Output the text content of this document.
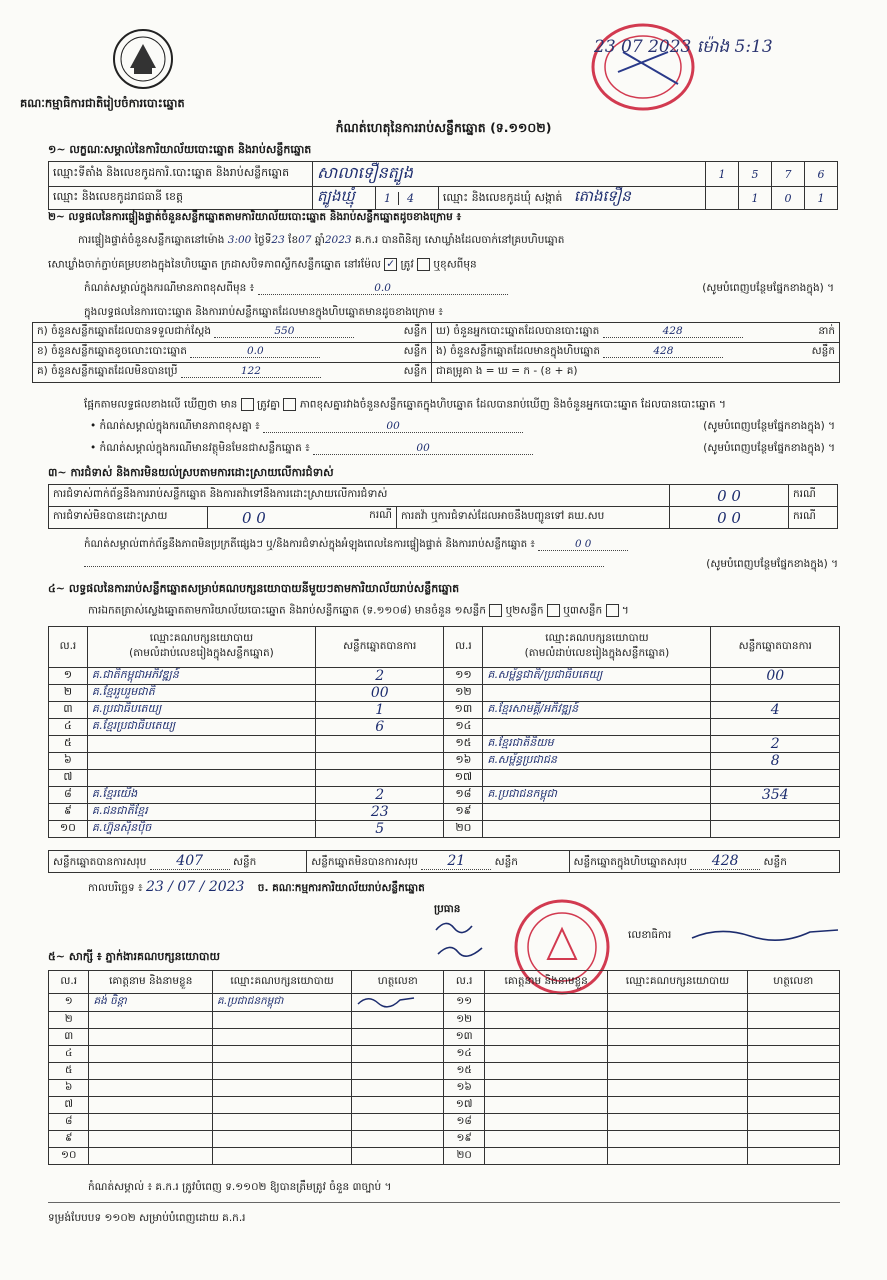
គណៈកម្មាធិការជាតិរៀបចំការបោះឆ្នោត
23 07 2023 ម៉ោង 5:13
កំណត់ហេតុនៃការរាប់សន្លឹកឆ្នោត (ទ.១១០២)
១~ លក្ខណៈសម្គាល់នៃការិយាល័យបោះឆ្នោត និងរាប់សន្លឹកឆ្នោត
ឈ្មោះទីតាំង និងលេខកូដការិ.បោះឆ្នោត និងរាប់សន្លឹកឆ្នោត	សាលាទឿនត្បូង			1	5	7	6
ឈ្មោះ និងលេខកូដរាជធានី ខេត្ត	ត្បូងឃ្មុំ	1 4	ឈ្មោះ និងលេខកូដឃុំ សង្កាត់ តោងទឿន		1	0	1
២~ លទ្ធផលនៃការផ្ទៀងផ្ទាត់ចំនួនសន្លឹកឆ្នោតតាមការិយាល័យបោះឆ្នោត និងរាប់សន្លឹកឆ្នោតដូចខាងក្រោម ៖
ការផ្ទៀងផ្ទាត់ចំនួនសន្លឹកឆ្នោតនៅម៉ោង 3:00 ថ្ងៃទី23 ខែ07 ឆ្នាំ2023 គ.ក.រ បានពិនិត្យ សោឃ្លាំងដែលចាក់នៅគ្របហិបឆ្នោត
សោឃ្លាំងចាក់ភ្ជាប់គម្របខាងក្នុងនៃហិបឆ្នោត ក្រដាសបិទភាពស្លឹកសន្លឹកឆ្នោត នៅរម៉ែល ✓ ត្រូវ ឬខុសពីមុន
កំណត់សម្គាល់ក្នុងករណីមានភាពខុសពីមុន ៖	0.0	(សូមបំពេញបន្ថែមផ្នែកខាងក្នុង) ។
ក្នុងលទ្ធផលនៃការបោះឆ្នោត និងការរាប់សន្លឹកឆ្នោតដែលមានក្នុងហិបឆ្នោតមានដូចខាងក្រោម ៖
ក) ចំនួនសន្លឹកឆ្នោតដែលបានទទួលជាក់ស្តែង 550 សន្លឹក	ឃ) ចំនួនអ្នកបោះឆ្នោតដែលបានបោះឆ្នោត 428 នាក់

ខ) ចំនួនសន្លឹកឆ្នោតខូចលោះបោះឆ្នោត 0.0 សន្លឹក	ង) ចំនួនសន្លឹកឆ្នោតដែលមានក្នុងហិបឆ្នោត 428 សន្លឹក

គ) ចំនួនសន្លឹកឆ្នោតដែលមិនបានប្រើ 122 សន្លឹក	ជាគម្រូគា ង = ឃ = ក - (ខ + គ)
ផ្អែកតាមលទ្ធផលខាងលើ ឃើញថា មាន ត្រូវគ្នា ភាពខុសគ្នារវាងចំនួនសន្លឹកឆ្នោតក្នុងហិបឆ្នោត ដែលបានរាប់ឃើញ និងចំនួនអ្នកបោះឆ្នោត ដែលបានបោះឆ្នោត ។
• កំណត់សម្គាល់ក្នុងករណីមានភាពខុសគ្នា ៖	00	(សូមបំពេញបន្ថែមផ្នែកខាងក្នុង) ។
• កំណត់សម្គាល់ក្នុងករណីមានវត្ថុមិនមែនជាសន្លឹកឆ្នោត ៖	00	(សូមបំពេញបន្ថែមផ្នែកខាងក្នុង) ។
៣~ ការជំទាស់ និងការមិនយល់ស្របតាមការដោះស្រាយលើការជំទាស់
ការជំទាស់ពាក់ព័ន្ធនឹងការរាប់សន្លឹកឆ្នោត និងការតវ៉ាទៅនឹងការដោះស្រាយលើការជំទាស់			0 0	ករណី
ការជំទាស់មិនបានដោះស្រាយ	0 0 ករណី	ការតវ៉ា ឬការជំទាស់ដែលអាចនឹងបញ្ជូនទៅ គឃ.សប	0 0	ករណី
កំណត់សម្គាល់ពាក់ព័ន្ធនឹងភាពមិនប្រក្រតីផ្សេងៗ ឬ/និងការជំទាស់ក្នុងអំឡុងពេលនៃការផ្ទៀងផ្ទាត់ និងការរាប់សន្លឹកឆ្នោត ៖	0 0
(សូមបំពេញបន្ថែមផ្នែកខាងក្នុង) ។
៤~ លទ្ធផលនៃការរាប់សន្លឹកឆ្នោតសម្រាប់គណបក្សនយោបាយនីមួយៗតាមការិយាល័យរាប់សន្លឹកឆ្នោត
ការឯកតត្រាស់ស្លេងឆ្នោតតាមការិយាល័យបោះឆ្នោត និងរាប់សន្លឹកឆ្នោត (ទ.១១០៨) មានចំនួន ១សន្លឹក ឬ២សន្លឹក ឬ៣សន្លឹក  ។
ល.រ	ឈ្មោះគណបក្សនយោបាយ
(តាមលំដាប់លេខរៀងក្នុងសន្លឹកឆ្នោត)	សន្លឹកឆ្នោតបានការ	ល.រ	ឈ្មោះគណបក្សនយោបាយ
(តាមលំដាប់លេខរៀងក្នុងសន្លឹកឆ្នោត)	សន្លឹកឆ្នោតបានការ
១	គ.ជាតិកម្ពុជាអភិវឌ្ឍន៍	2	១១	គ.សម្ព័ន្ធជាតិ/ប្រជាធិបតេយ្យ	00
២	គ.ខ្មែររួបរួមជាតិ	00	១២		
៣	គ.ប្រជាធិបតេយ្យ	1	១៣	គ.ខ្មែរសាមគ្គី/អភិវឌ្ឍន៍	4
៤	គ.ខ្មែរប្រជាធិបតេយ្យ	6	១៤		
៥			១៥	គ.ខ្មែរជាតិនិយម	2
៦			១៦	គ.សម្ព័ន្ធប្រជាជន	8
៧			១៧		
៨	គ.ខ្មែរយើង	2	១៨	គ.ប្រជាជនកម្ពុជា	354
៩	គ.ជនជាតិខ្មែរ	23	១៩		
១០	គ.ហ្វ៊ុនស៊ិនប៉ិច	5	២០		
សន្លឹកឆ្នោតបានការសរុប 407	សន្លឹក	សន្លឹកឆ្នោតមិនបានការសរុប 21	សន្លឹក	សន្លឹកឆ្នោតក្នុងហិបឆ្នោតសរុប 428 សន្លឹក
កាលបរិច្ឆេទ ៖ 23 / 07 / 2023 ច. គណៈកម្មការការិយាល័យរាប់សន្លឹកឆ្នោត
ប្រធាន
លេខាធិការ
៥~ សាក្សី ៖ ភ្នាក់ងារគណបក្សនយោបាយ
ល.រ	គោត្តនាម និងនាមខ្លួន	ឈ្មោះគណបក្សនយោបាយ	ហត្ថលេខា	ល.រ	គោត្តនាម និងនាមខ្លួន	ឈ្មោះគណបក្សនយោបាយ	ហត្ថលេខា
១	គង់ ចិន្ដា	គ.ប្រជាជនកម្ពុជា		១១			
២				១២			
៣				១៣			
៤				១៤			
៥				១៥			
៦				១៦			
៧				១៧			
៨				១៨			
៩				១៩			
១០				២០			
កំណត់សម្គាល់ ៖ គ.ក.រ ត្រូវបំពេញ ទ.១១០២ ឱ្យបានត្រឹមត្រូវ ចំនួន ៣ច្បាប់ ។
ទម្រង់បែបបទ ១១០២ សម្រាប់បំពេញដោយ គ.ក.រ
